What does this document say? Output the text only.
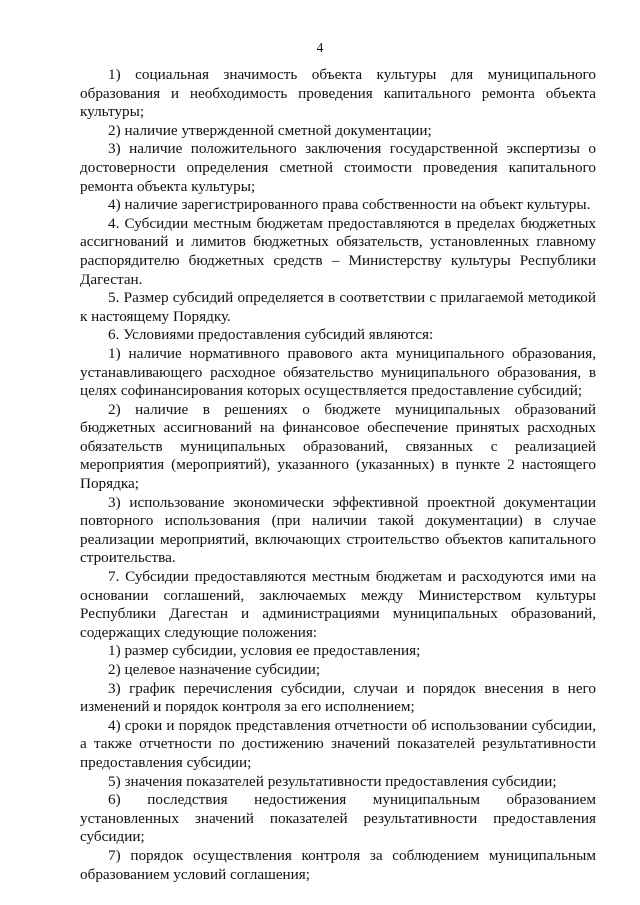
4

1) социальная значимость объекта культуры для муниципального образования и необходимость проведения капитального ремонта объекта культуры;

2) наличие утвержденной сметной документации;

3) наличие положительного заключения государственной экспертизы о достоверности определения сметной стоимости проведения капитального ремонта объекта культуры;

4) наличие зарегистрированного права собственности на объект культуры.

4. Субсидии местным бюджетам предоставляются в пределах бюджетных ассигнований и лимитов бюджетных обязательств, установленных главному распорядителю бюджетных средств – Министерству культуры Республики Дагестан.

5. Размер субсидий определяется в соответствии с прилагаемой методикой к настоящему Порядку.

6. Условиями предоставления субсидий являются:

1) наличие нормативного правового акта муниципального образования, устанавливающего расходное обязательство муниципального образования, в целях софинансирования которых осуществляется предоставление субсидий;

2) наличие в решениях о бюджете муниципальных образований бюджетных ассигнований на финансовое обеспечение принятых расходных обязательств муниципальных образований, связанных с реализацией мероприятия (мероприятий), указанного (указанных) в пункте 2 настоящего Порядка;

3) использование экономически эффективной проектной документации повторного использования (при наличии такой документации) в случае реализации мероприятий, включающих строительство объектов капитального строительства.

7. Субсидии предоставляются местным бюджетам и расходуются ими на основании соглашений, заключаемых между Министерством культуры Республики Дагестан и администрациями муниципальных образований, содержащих следующие положения:

1) размер субсидии, условия ее предоставления;

2) целевое назначение субсидии;

3) график перечисления субсидии, случаи и порядок внесения в него изменений и порядок контроля за его исполнением;

4) сроки и порядок представления отчетности об использовании субсидии, а также отчетности по достижению значений показателей результативности предоставления субсидии;

5) значения показателей результативности предоставления субсидии;

6) последствия недостижения муниципальным образованием установленных значений показателей результативности предоставления субсидии;

7) порядок осуществления контроля за соблюдением муниципальным образованием условий соглашения;
